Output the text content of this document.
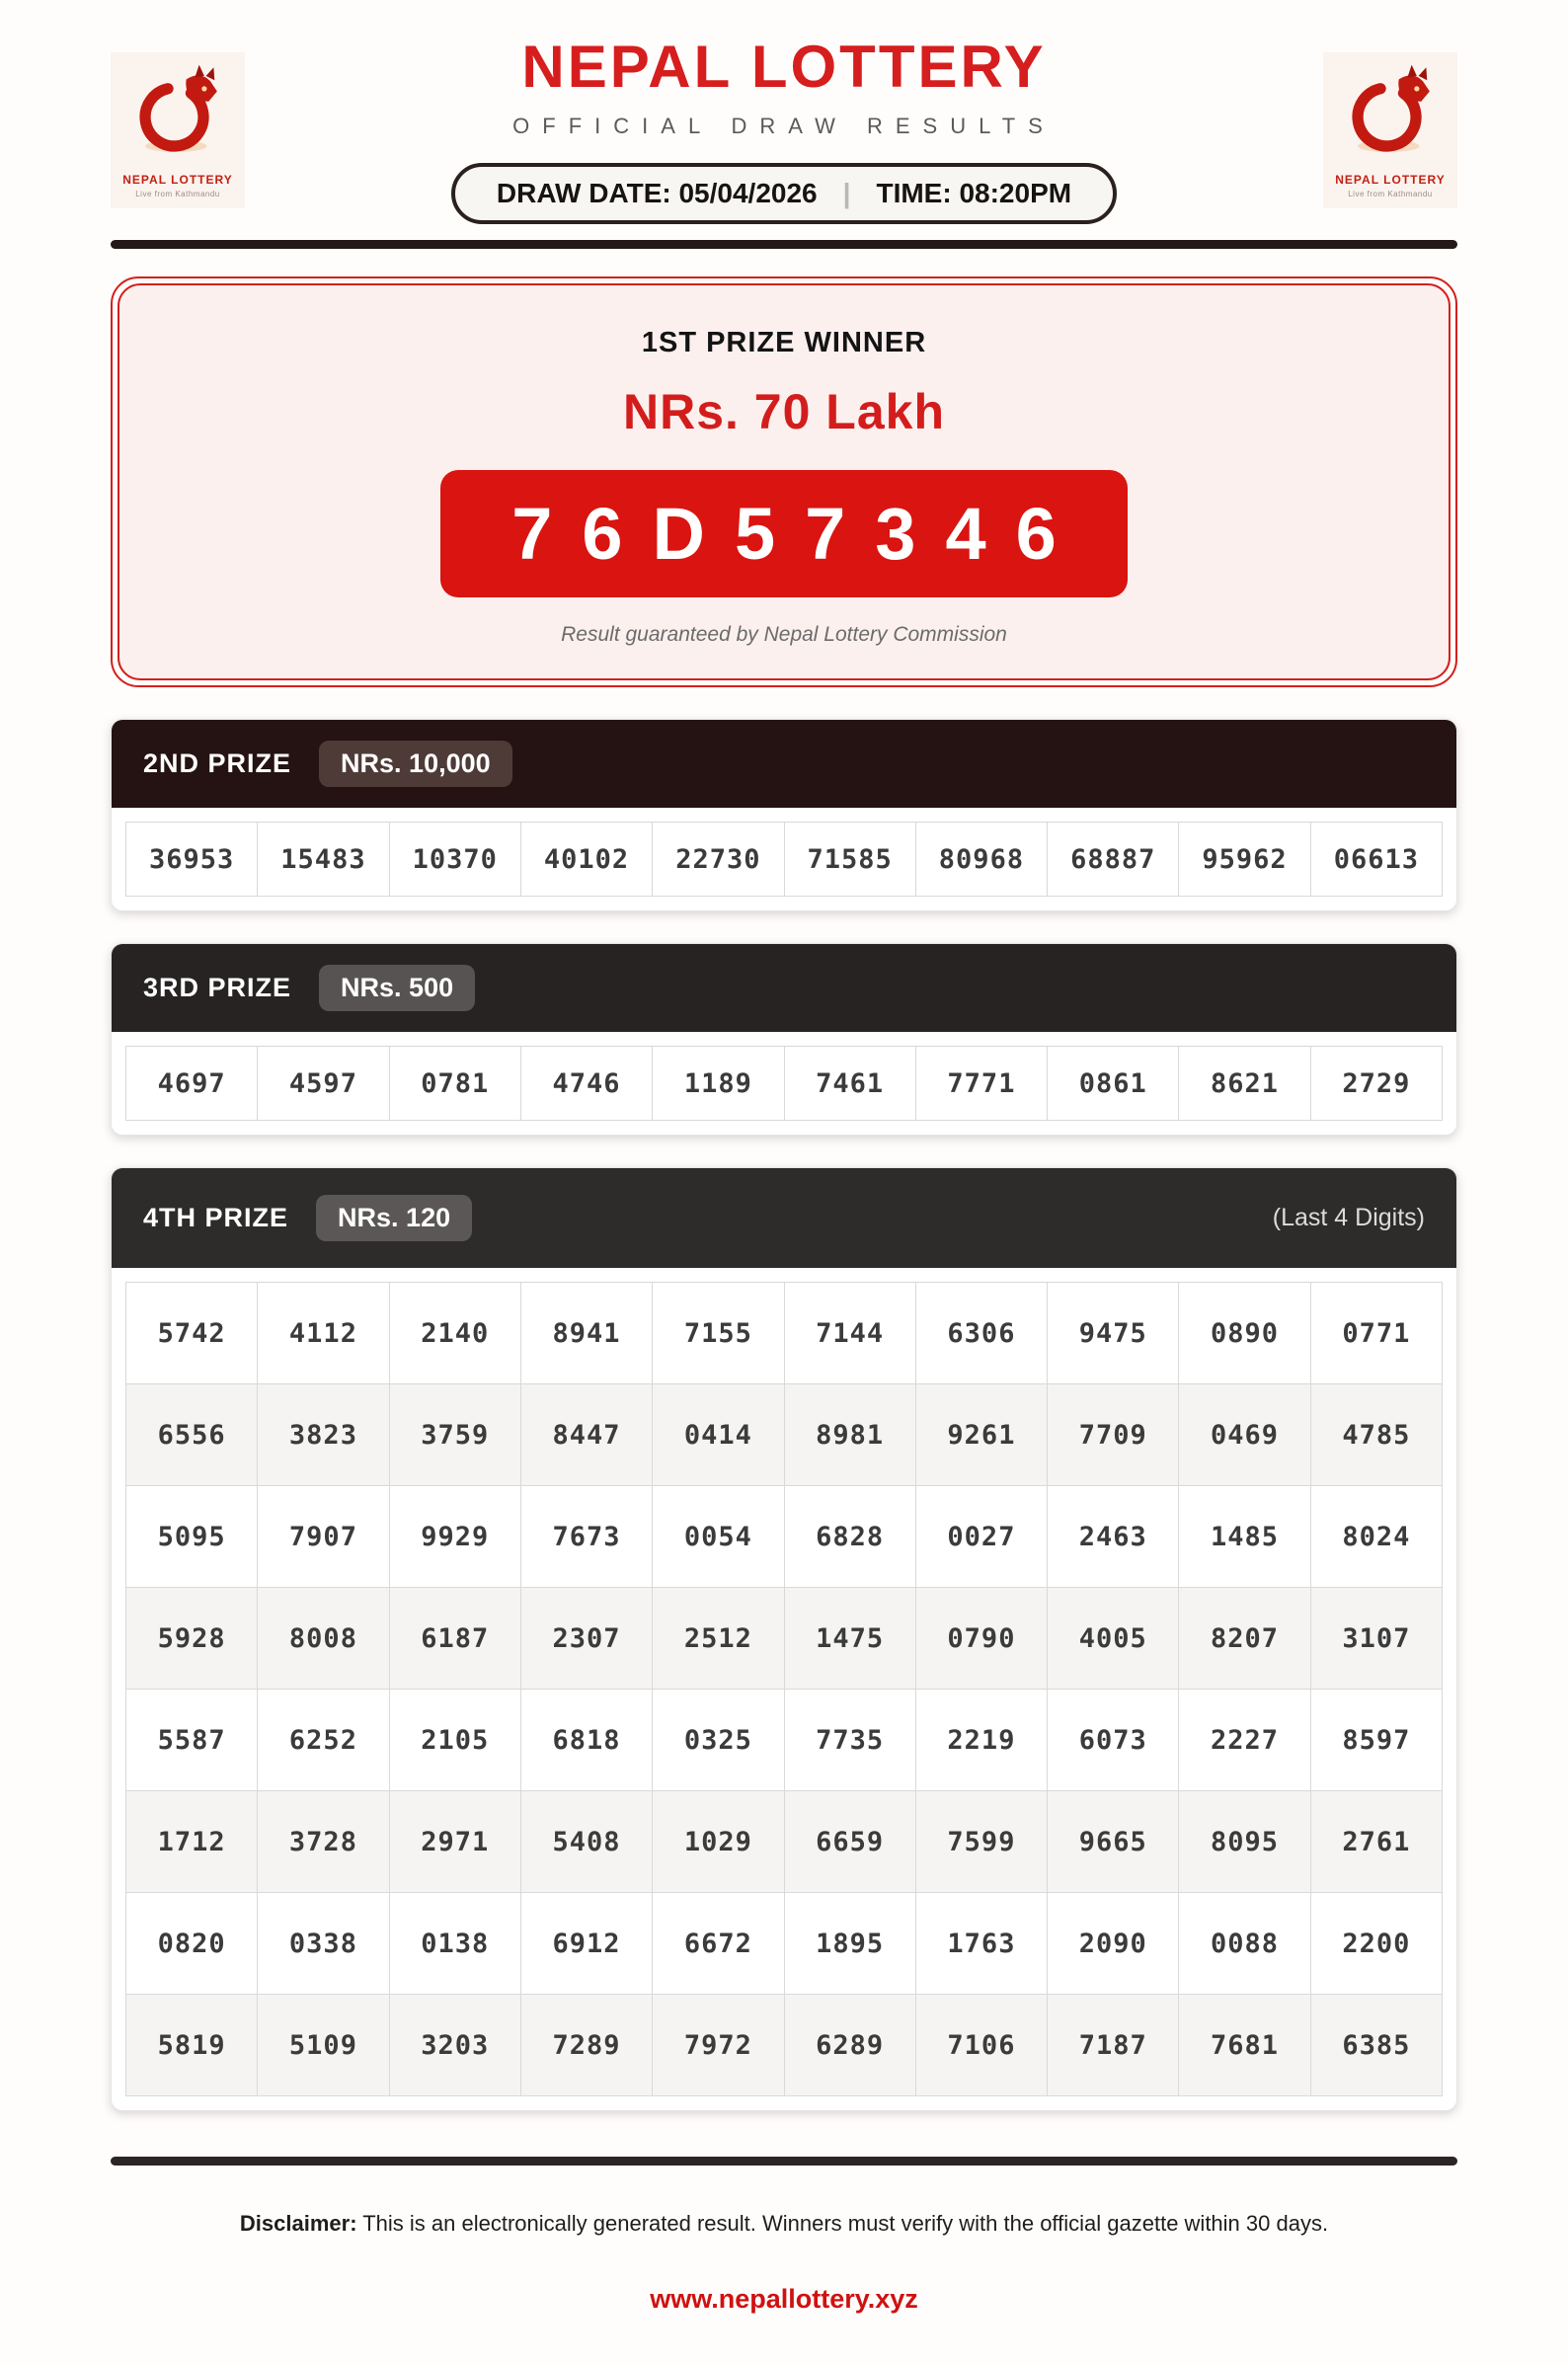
NEPAL LOTTERY
Live from Kathmandu
NEPAL LOTTERY
OFFICIAL DRAW RESULTS
DRAW DATE: 05/04/2026 | TIME: 08:20PM	NEPAL LOTTERY
Live from Kathmandu
1ST PRIZE WINNER
NRs. 70 Lakh
76D57346
Result guaranteed by Nepal Lottery Commission
2ND PRIZE	NRs. 10,000
36953	15483	10370	40102	22730	71585	80968	68887	95962	06613
3RD PRIZE	NRs. 500
4697	4597	0781	4746	1189	7461	7771	0861	8621	2729
4TH PRIZE	NRs. 120	(Last 4 Digits)
5742	4112	2140	8941	7155	7144	6306	9475	0890	0771
6556	3823	3759	8447	0414	8981	9261	7709	0469	4785
5095	7907	9929	7673	0054	6828	0027	2463	1485	8024
5928	8008	6187	2307	2512	1475	0790	4005	8207	3107
5587	6252	2105	6818	0325	7735	2219	6073	2227	8597
1712	3728	2971	5408	1029	6659	7599	9665	8095	2761
0820	0338	0138	6912	6672	1895	1763	2090	0088	2200
5819	5109	3203	7289	7972	6289	7106	7187	7681	6385
Disclaimer: This is an electronically generated result. Winners must verify with the official gazette within 30 days.
www.nepallottery.xyz
